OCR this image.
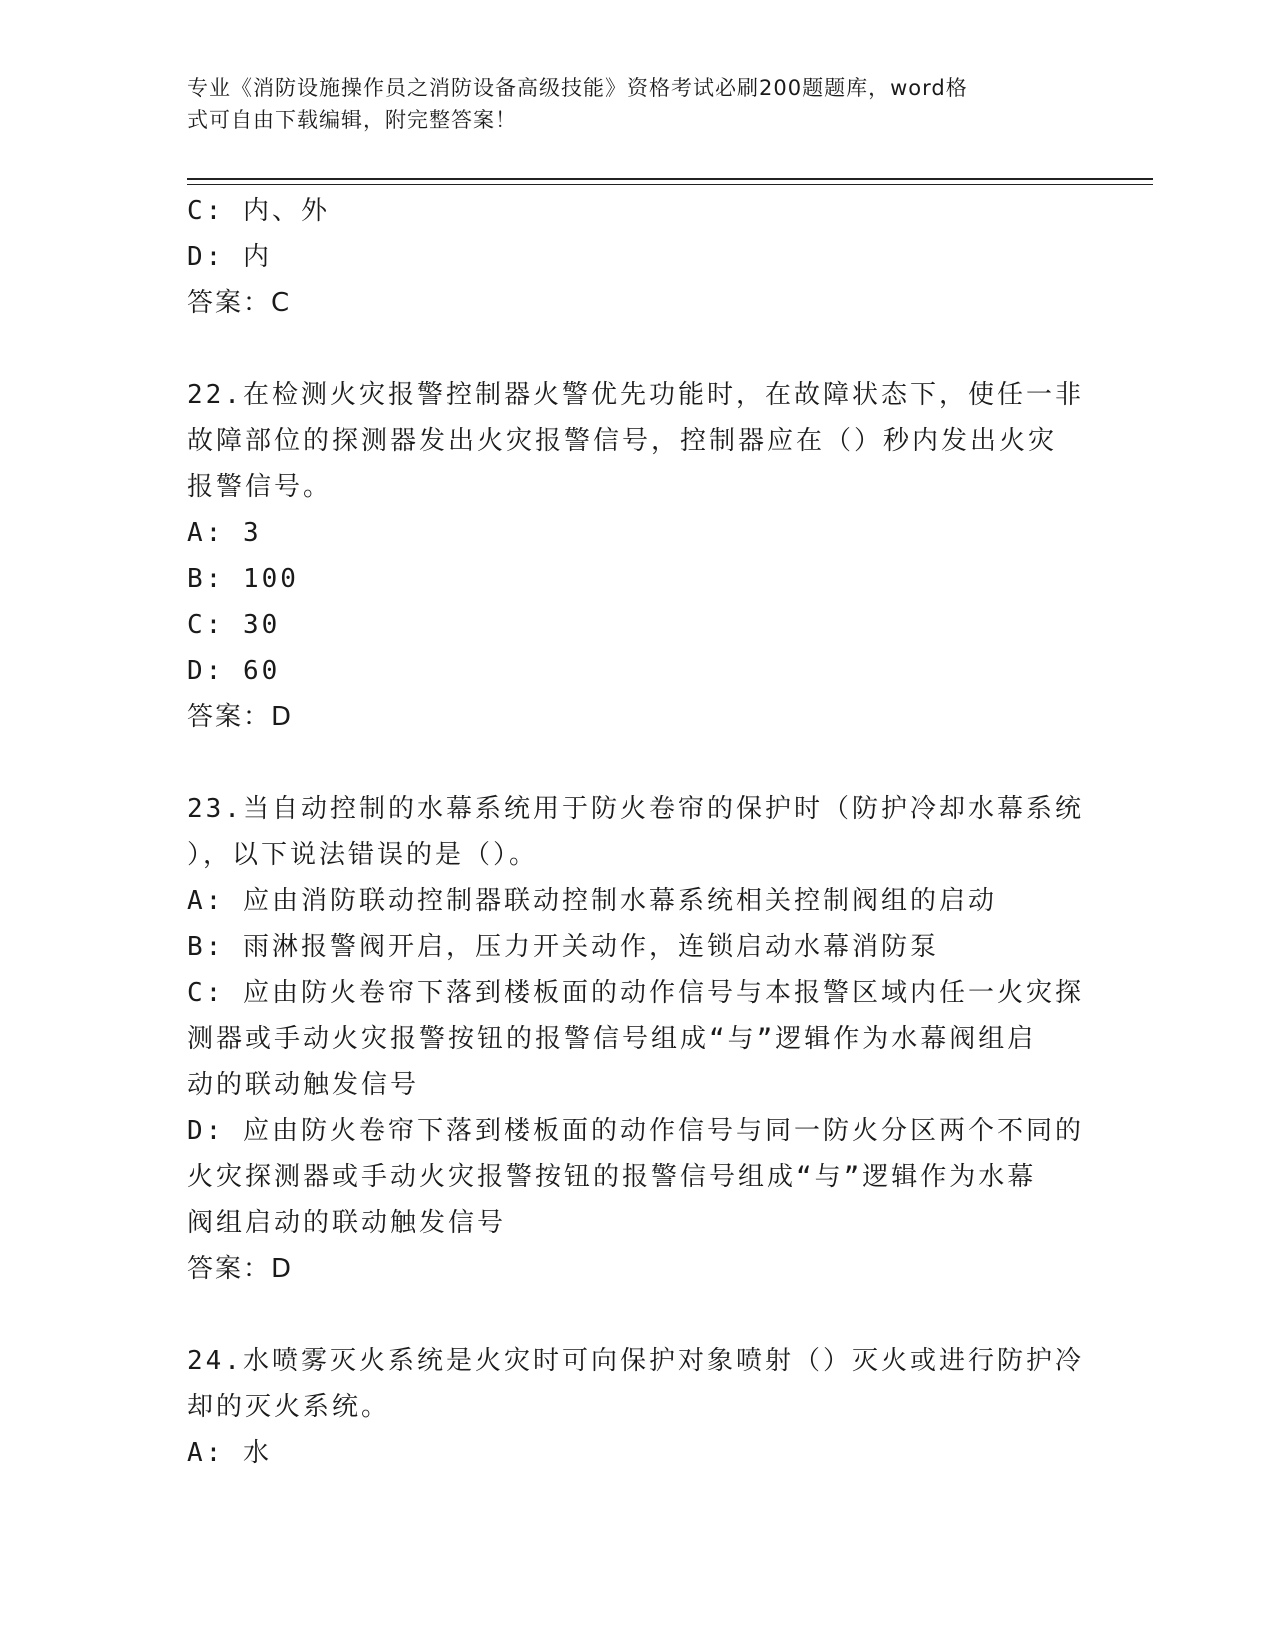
专业《消防设施操作员之消防设备高级技能》资格考试必刷200题题库，word格
式可自由下载编辑，附完整答案！
C: 内、外
D: 内
答案：C
22.在检测火灾报警控制器火警优先功能时，在故障状态下，使任一非
故障部位的探测器发出火灾报警信号，控制器应在（）秒内发出火灾
报警信号。
A: 3
B: 100
C: 30
D: 60
答案：D
23.当自动控制的水幕系统用于防火卷帘的保护时（防护冷却水幕系统
），以下说法错误的是（）。
A: 应由消防联动控制器联动控制水幕系统相关控制阀组的启动
B: 雨淋报警阀开启，压力开关动作，连锁启动水幕消防泵
C: 应由防火卷帘下落到楼板面的动作信号与本报警区域内任一火灾探
测器或手动火灾报警按钮的报警信号组成“与”逻辑作为水幕阀组启
动的联动触发信号
D: 应由防火卷帘下落到楼板面的动作信号与同一防火分区两个不同的
火灾探测器或手动火灾报警按钮的报警信号组成“与”逻辑作为水幕
阀组启动的联动触发信号
答案：D
24.水喷雾灭火系统是火灾时可向保护对象喷射（）灭火或进行防护冷
却的灭火系统。
A: 水
